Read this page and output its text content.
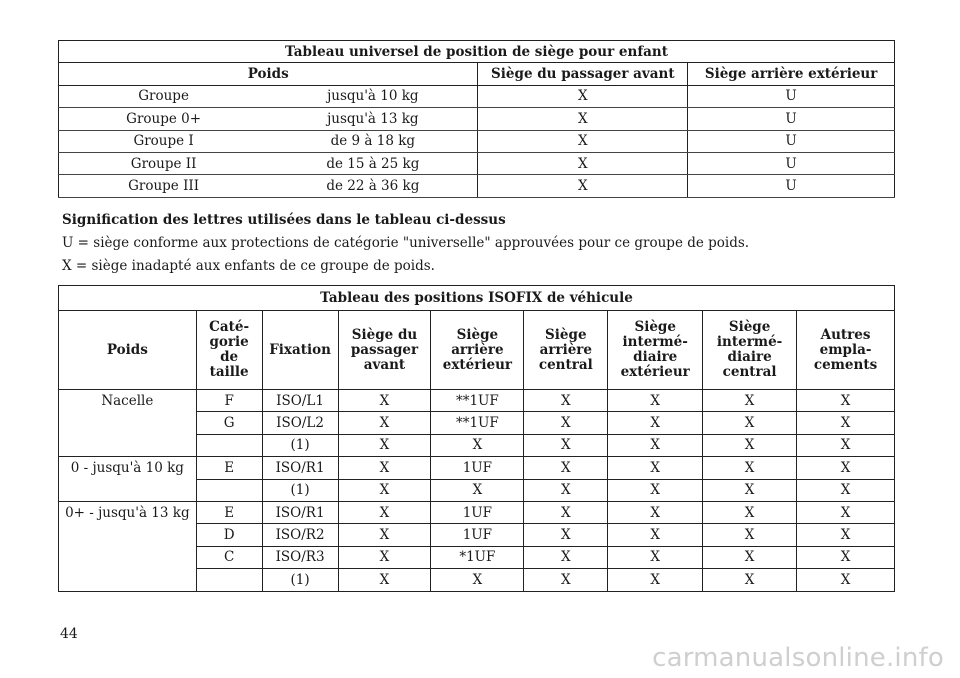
Tableau universel de position de siège pour enfant			
Poids		Siège du passager avant	Siège arrière extérieur
Groupe	jusqu'à 10 kg	X	U
Groupe 0+	jusqu'à 13 kg	X	U
Groupe I	de 9 à 18 kg	X	U
Groupe II	de 15 à 25 kg	X	U
Groupe III	de 22 à 36 kg	X	U
Signification des lettres utilisées dans le tableau ci-dessus
U = siège conforme aux protections de catégorie "universelle" approuvées pour ce groupe de poids.
X = siège inadapté aux enfants de ce groupe de poids.
Tableau des positions ISOFIX de véhicule								
Poids	Caté-gorie de taille	Fixation	Siège du passager avant	Siège arrière extérieur	Siège arrière central	Siège intermé-diaire extérieur	Siège intermé-diaire central	Autres empla-cements
Nacelle	F	ISO/L1	X	**1UF	X	X	X	X
	G	ISO/L2	X	**1UF	X	X	X	X
		(1)	X	X	X	X	X	X
0 - jusqu'à 10 kg	E	ISO/R1	X	1UF	X	X	X	X
		(1)	X	X	X	X	X	X
0+ - jusqu'à 13 kg	E	ISO/R1	X	1UF	X	X	X	X
	D	ISO/R2	X	1UF	X	X	X	X
	C	ISO/R3	X	*1UF	X	X	X	X
		(1)	X	X	X	X	X	X
44
carmanualsonline.info
